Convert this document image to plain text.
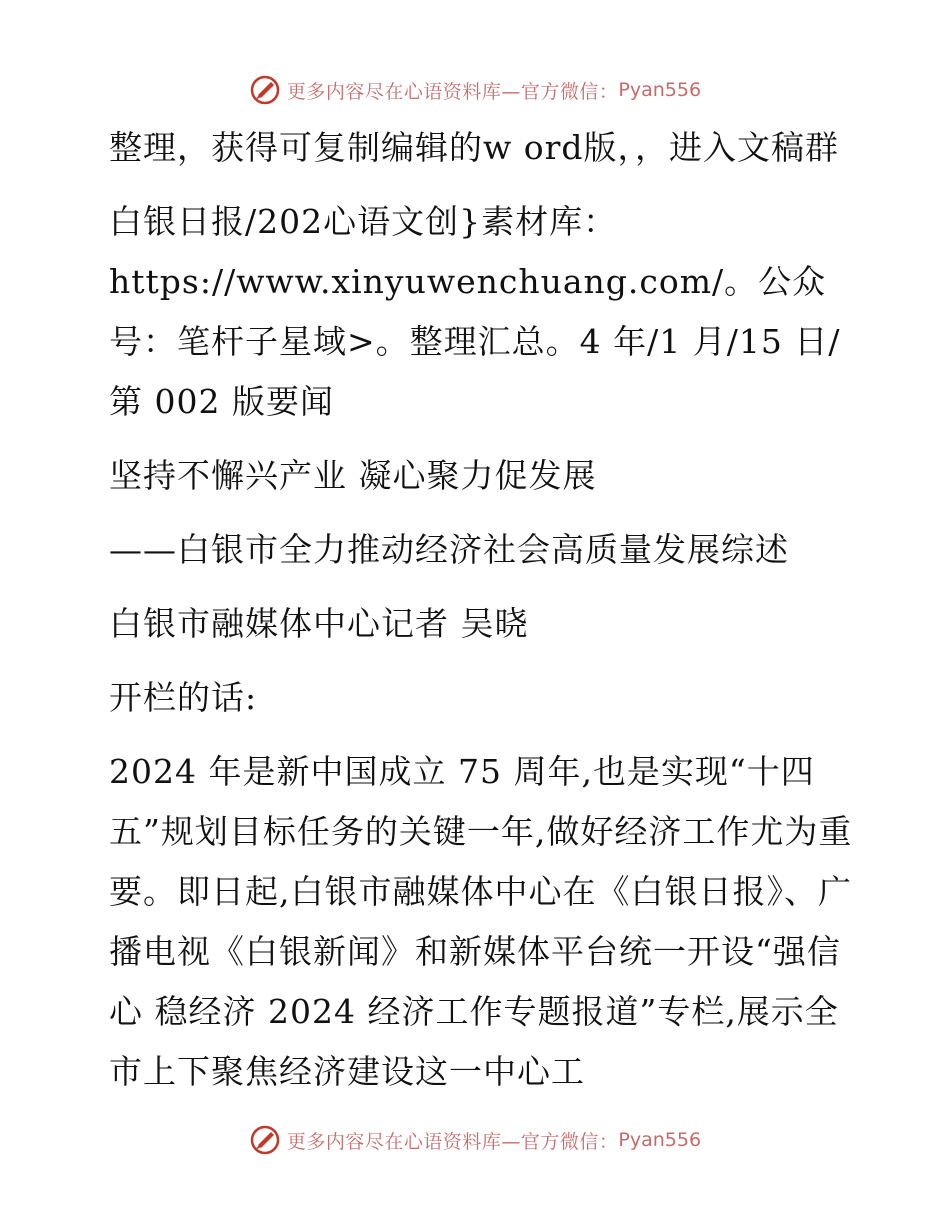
更多内容尽在心语资料库—官方微信： Pyan556

整理，获得可复制编辑的w ord版，，进入文稿群

白银日报/202心语文创}素材库：https://www.xinyuwenchuang.com/。公众号：笔杆子星域>。整理汇总。4 年/1 月/15 日/第 002 版要闻

坚持不懈兴产业 凝心聚力促发展

——白银市全力推动经济社会高质量发展综述

白银市融媒体中心记者 吴晓

开栏的话:

2024 年是新中国成立 75 周年,也是实现“十四五”规划目标任务的关键一年,做好经济工作尤为重要。即日起,白银市融媒体中心在《白银日报》、广播电视《白银新闻》和新媒体平台统一开设“强信心 稳经济 2024 经济工作专题报道”专栏,展示全市上下聚焦经济建设这一中心工

更多内容尽在心语资料库—官方微信： Pyan556
